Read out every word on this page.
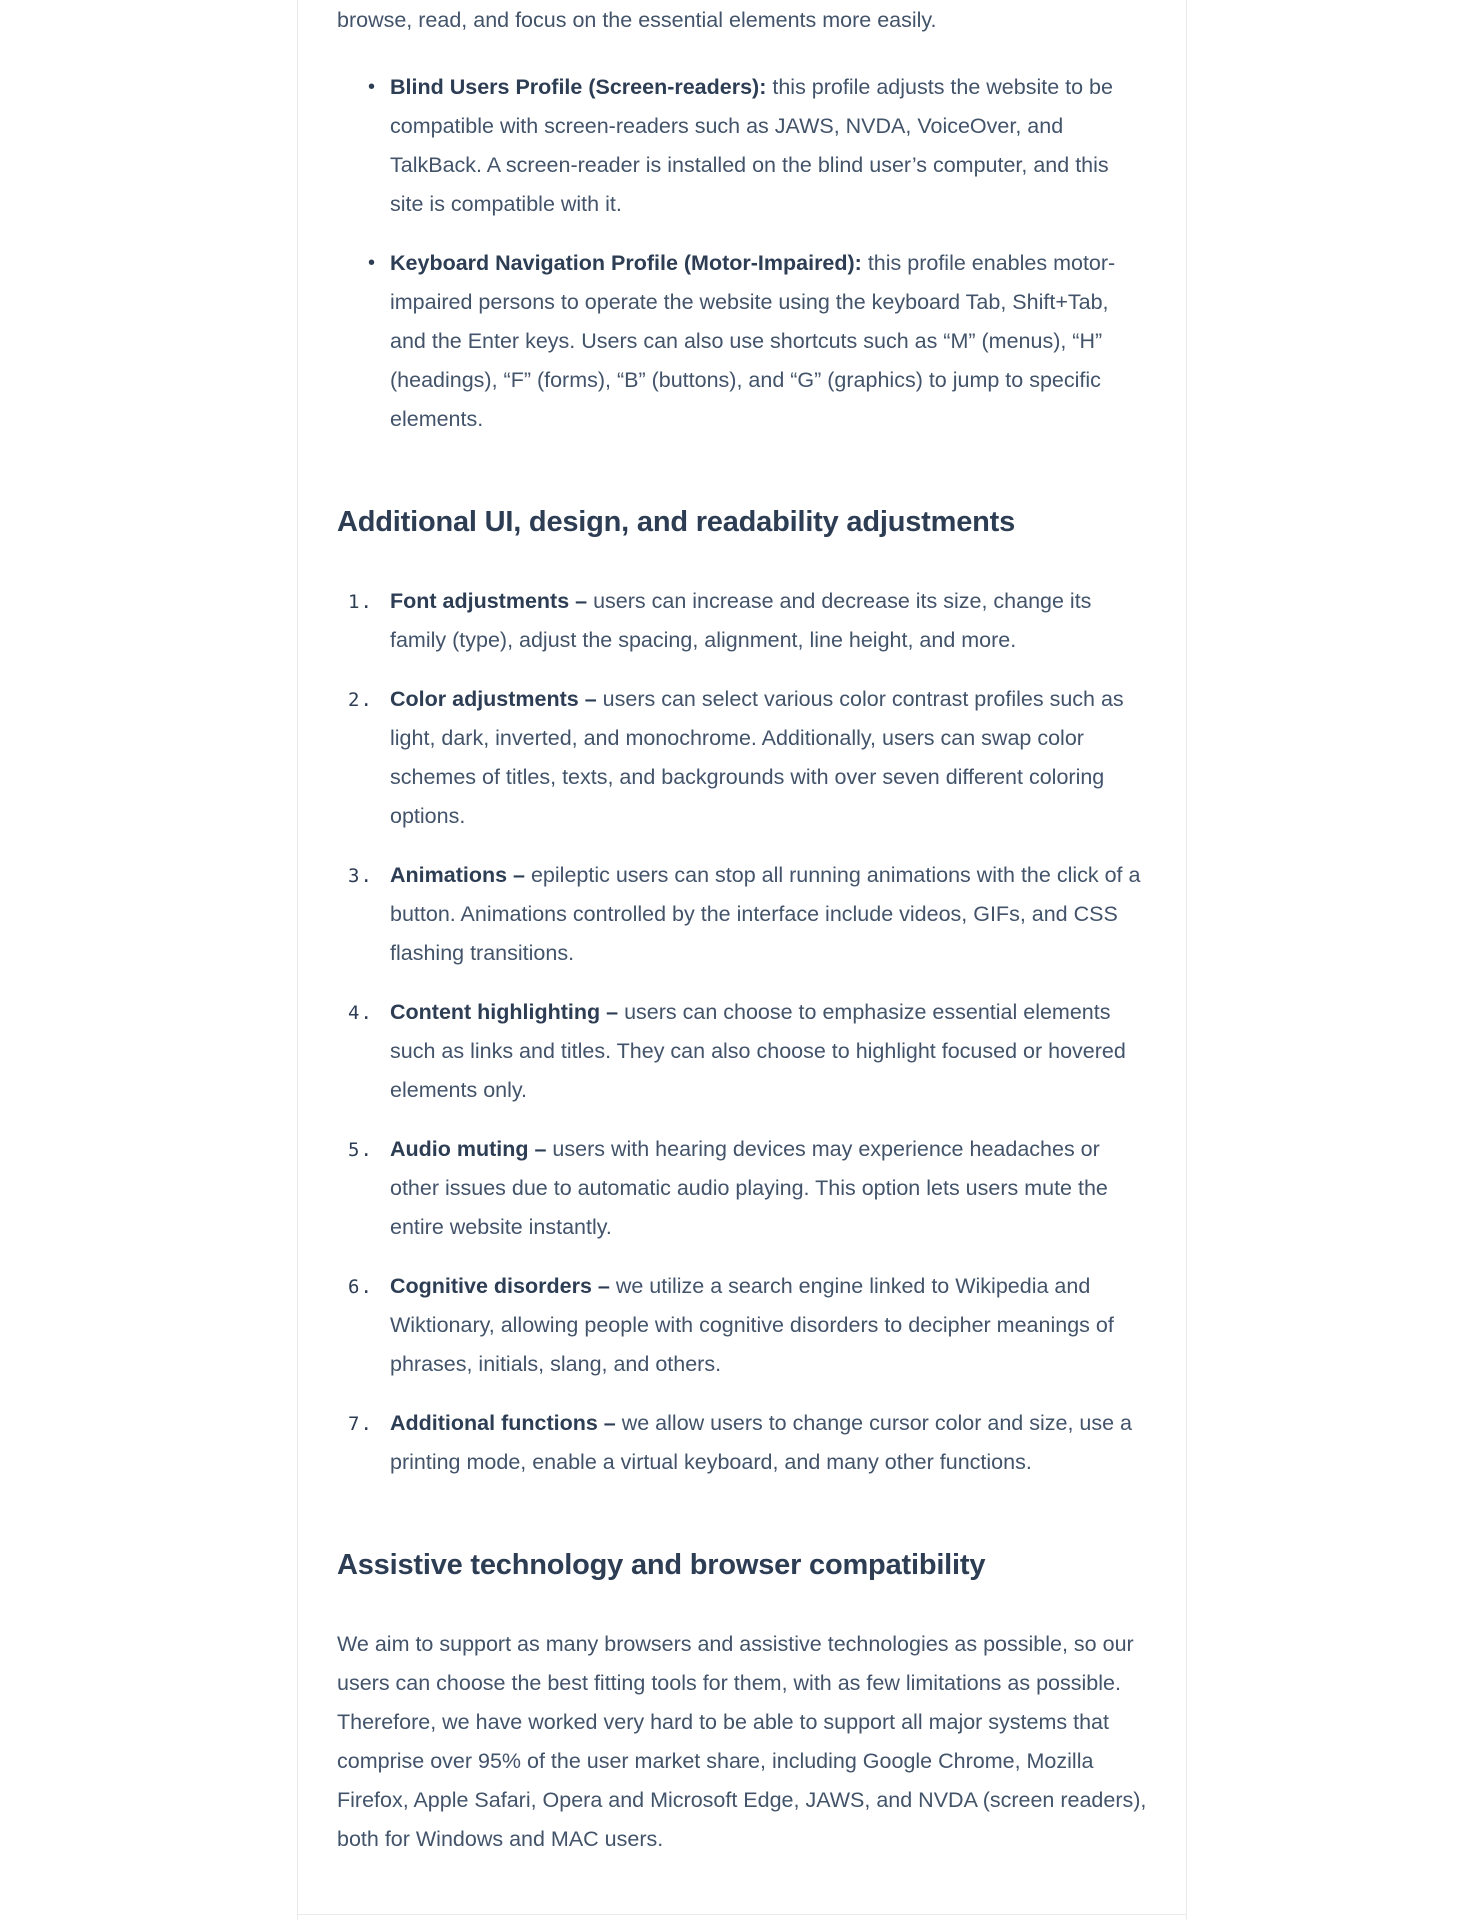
browse, read, and focus on the essential elements more easily.

• Blind Users Profile (Screen-readers): this profile adjusts the website to be compatible with screen-readers such as JAWS, NVDA, VoiceOver, and TalkBack. A screen-reader is installed on the blind user’s computer, and this site is compatible with it.
• Keyboard Navigation Profile (Motor-Impaired): this profile enables motor-impaired persons to operate the website using the keyboard Tab, Shift+Tab, and the Enter keys. Users can also use shortcuts such as “M” (menus), “H” (headings), “F” (forms), “B” (buttons), and “G” (graphics) to jump to specific elements.
Additional UI, design, and readability adjustments
1. Font adjustments – users can increase and decrease its size, change its family (type), adjust the spacing, alignment, line height, and more.
2. Color adjustments – users can select various color contrast profiles such as light, dark, inverted, and monochrome. Additionally, users can swap color schemes of titles, texts, and backgrounds with over seven different coloring options.
3. Animations – epileptic users can stop all running animations with the click of a button. Animations controlled by the interface include videos, GIFs, and CSS flashing transitions.
4. Content highlighting – users can choose to emphasize essential elements such as links and titles. They can also choose to highlight focused or hovered elements only.
5. Audio muting – users with hearing devices may experience headaches or other issues due to automatic audio playing. This option lets users mute the entire website instantly.
6. Cognitive disorders – we utilize a search engine linked to Wikipedia and Wiktionary, allowing people with cognitive disorders to decipher meanings of phrases, initials, slang, and others.
7. Additional functions – we allow users to change cursor color and size, use a printing mode, enable a virtual keyboard, and many other functions.
Assistive technology and browser compatibility

We aim to support as many browsers and assistive technologies as possible, so our users can choose the best fitting tools for them, with as few limitations as possible. Therefore, we have worked very hard to be able to support all major systems that comprise over 95% of the user market share, including Google Chrome, Mozilla Firefox, Apple Safari, Opera and Microsoft Edge, JAWS, and NVDA (screen readers), both for Windows and MAC users.
